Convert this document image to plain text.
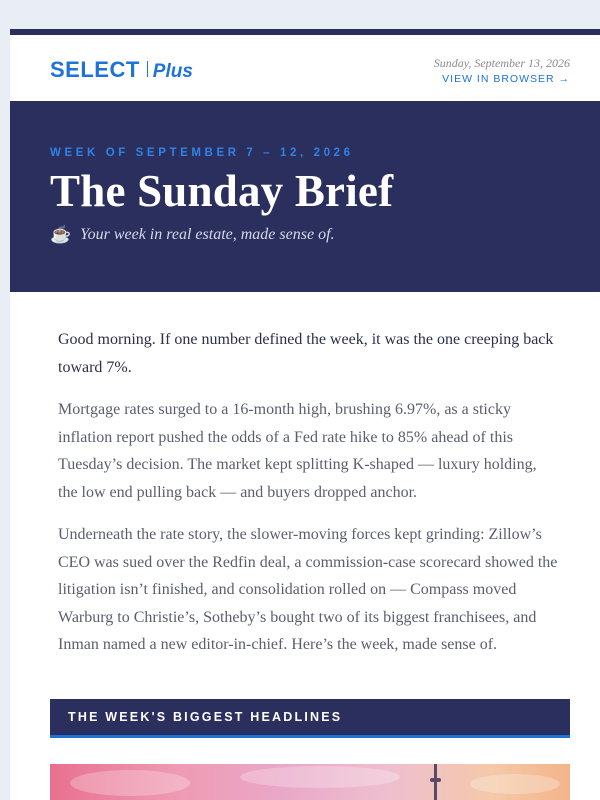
SELECT Plus	Sunday, September 13, 2026
VIEW IN BROWSER →
WEEK OF SEPTEMBER 7 – 12, 2026
The Sunday Brief
☕ Your week in real estate, made sense of.

Good morning. If one number defined the week, it was the one creeping back toward 7%.

Mortgage rates surged to a 16-month high, brushing 6.97%, as a sticky inflation report pushed the odds of a Fed rate hike to 85% ahead of this Tuesday’s decision. The market kept splitting K-shaped — luxury holding, the low end pulling back — and buyers dropped anchor.

Underneath the rate story, the slower-moving forces kept grinding: Zillow’s CEO was sued over the Redfin deal, a commission-case scorecard showed the litigation isn’t finished, and consolidation rolled on — Compass moved Warburg to Christie’s, Sotheby’s bought two of its biggest franchisees, and Inman named a new editor-in-chief. Here’s the week, made sense of.

THE WEEK'S BIGGEST HEADLINES
